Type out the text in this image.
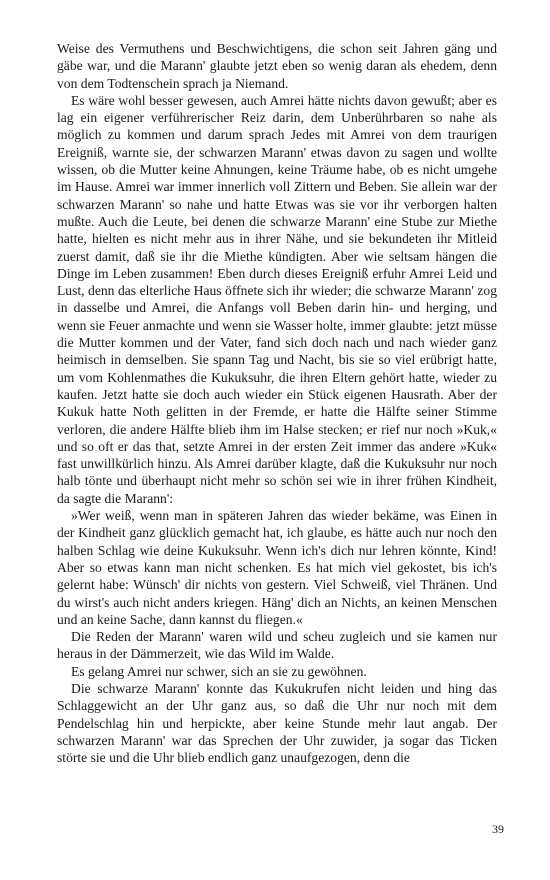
Weise des Vermuthens und Beschwichtigens, die schon seit Jahren gäng und gäbe war, und die Marann' glaubte jetzt eben so wenig daran als ehedem, denn von dem Todtenschein sprach ja Niemand.

Es wäre wohl besser gewesen, auch Amrei hätte nichts davon gewußt; aber es lag ein eigener verführerischer Reiz darin, dem Unberührbaren so nahe als möglich zu kommen und darum sprach Jedes mit Amrei von dem traurigen Ereigniß, warnte sie, der schwarzen Marann' etwas davon zu sagen und wollte wissen, ob die Mutter keine Ahnungen, keine Träume habe, ob es nicht umgehe im Hause. Amrei war immer innerlich voll Zittern und Beben. Sie allein war der schwarzen Marann' so nahe und hatte Etwas was sie vor ihr verborgen halten mußte. Auch die Leute, bei denen die schwarze Marann' eine Stube zur Miethe hatte, hielten es nicht mehr aus in ihrer Nähe, und sie bekundeten ihr Mitleid zuerst damit, daß sie ihr die Miethe kündigten. Aber wie seltsam hängen die Dinge im Leben zusammen! Eben durch dieses Ereigniß erfuhr Amrei Leid und Lust, denn das elterliche Haus öffnete sich ihr wieder; die schwarze Marann' zog in dasselbe und Amrei, die Anfangs voll Beben darin hin- und herging, und wenn sie Feuer anmachte und wenn sie Wasser holte, immer glaubte: jetzt müsse die Mutter kommen und der Vater, fand sich doch nach und nach wieder ganz heimisch in demselben. Sie spann Tag und Nacht, bis sie so viel erübrigt hatte, um vom Kohlenmathes die Kukuksuhr, die ihren Eltern gehört hatte, wieder zu kaufen. Jetzt hatte sie doch auch wieder ein Stück eigenen Hausrath. Aber der Kukuk hatte Noth gelitten in der Fremde, er hatte die Hälfte seiner Stimme verloren, die andere Hälfte blieb ihm im Halse stecken; er rief nur noch »Kuk,« und so oft er das that, setzte Amrei in der ersten Zeit immer das andere »Kuk« fast unwillkürlich hinzu. Als Amrei darüber klagte, daß die Kukuksuhr nur noch halb tönte und überhaupt nicht mehr so schön sei wie in ihrer frühen Kindheit, da sagte die Marann':

»Wer weiß, wenn man in späteren Jahren das wieder bekäme, was Einen in der Kindheit ganz glücklich gemacht hat, ich glaube, es hätte auch nur noch den halben Schlag wie deine Kukuksuhr. Wenn ich's dich nur lehren könnte, Kind! Aber so etwas kann man nicht schenken. Es hat mich viel gekostet, bis ich's gelernt habe: Wünsch' dir nichts von gestern. Viel Schweiß, viel Thränen. Und du wirst's auch nicht anders kriegen. Häng' dich an Nichts, an keinen Menschen und an keine Sache, dann kannst du fliegen.«

Die Reden der Marann' waren wild und scheu zugleich und sie kamen nur heraus in der Dämmerzeit, wie das Wild im Walde.

Es gelang Amrei nur schwer, sich an sie zu gewöhnen.

Die schwarze Marann' konnte das Kukukrufen nicht leiden und hing das Schlaggewicht an der Uhr ganz aus, so daß die Uhr nur noch mit dem Pendelschlag hin und herpickte, aber keine Stunde mehr laut angab. Der schwarzen Marann' war das Sprechen der Uhr zuwider, ja sogar das Ticken störte sie und die Uhr blieb endlich ganz unaufgezogen, denn die

39
